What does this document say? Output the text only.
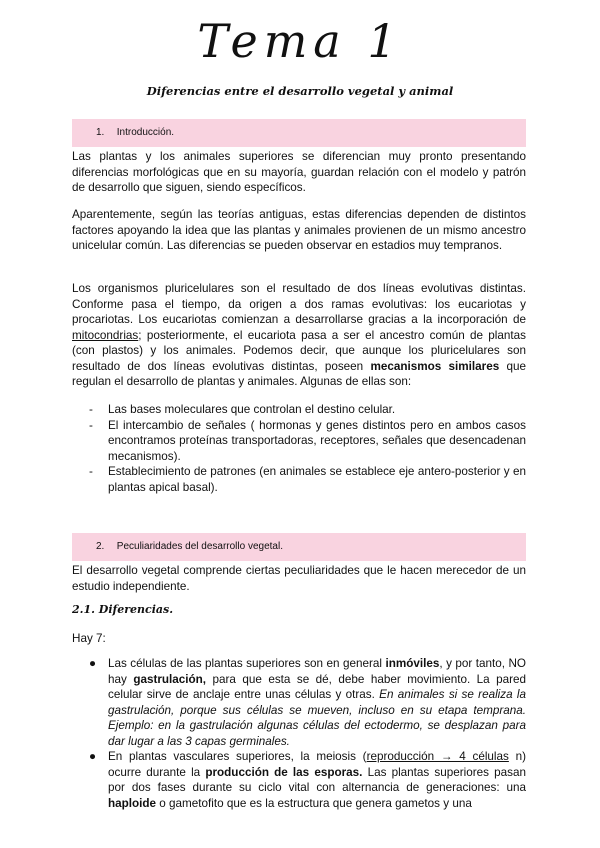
Tema 1
Diferencias entre el desarrollo vegetal y animal
1. Introducción.

Las plantas y los animales superiores se diferencian muy pronto presentando diferencias morfológicas que en su mayoría, guardan relación con el modelo y patrón de desarrollo que siguen, siendo específicos.

Aparentemente, según las teorías antiguas, estas diferencias dependen de distintos factores apoyando la idea que las plantas y animales provienen de un mismo ancestro unicelular común. Las diferencias se pueden observar en estadios muy tempranos.

Los organismos pluricelulares son el resultado de dos líneas evolutivas distintas. Conforme pasa el tiempo, da origen a dos ramas evolutivas: los eucariotas y procariotas. Los eucariotas comienzan a desarrollarse gracias a la incorporación de mitocondrias; posteriormente, el eucariota pasa a ser el ancestro común de plantas (con plastos) y los animales. Podemos decir, que aunque los pluricelulares son resultado de dos líneas evolutivas distintas, poseen mecanismos similares que regulan el desarrollo de plantas y animales. Algunas de ellas son:

- Las bases moleculares que controlan el destino celular.
- El intercambio de señales ( hormonas y genes distintos pero en ambos casos encontramos proteínas transportadoras, receptores, señales que desencadenan mecanismos).
- Establecimiento de patrones (en animales se establece eje antero-posterior y en plantas apical basal).
2. Peculiaridades del desarrollo vegetal.

El desarrollo vegetal comprende ciertas peculiaridades que le hacen merecedor de un estudio independiente.

2.1. Diferencias.

Hay 7:

● Las células de las plantas superiores son en general inmóviles, y por tanto, NO hay gastrulación, para que esta se dé, debe haber movimiento. La pared celular sirve de anclaje entre unas células y otras. En animales si se realiza la gastrulación, porque sus células se mueven, incluso en su etapa temprana. Ejemplo: en la gastrulación algunas células del ectodermo, se desplazan para dar lugar a las 3 capas germinales.
● En plantas vasculares superiores, la meiosis (reproducción → 4 células n) ocurre durante la producción de las esporas. Las plantas superiores pasan por dos fases durante su ciclo vital con alternancia de generaciones: una haploide o gametofito que es la estructura que genera gametos y una
